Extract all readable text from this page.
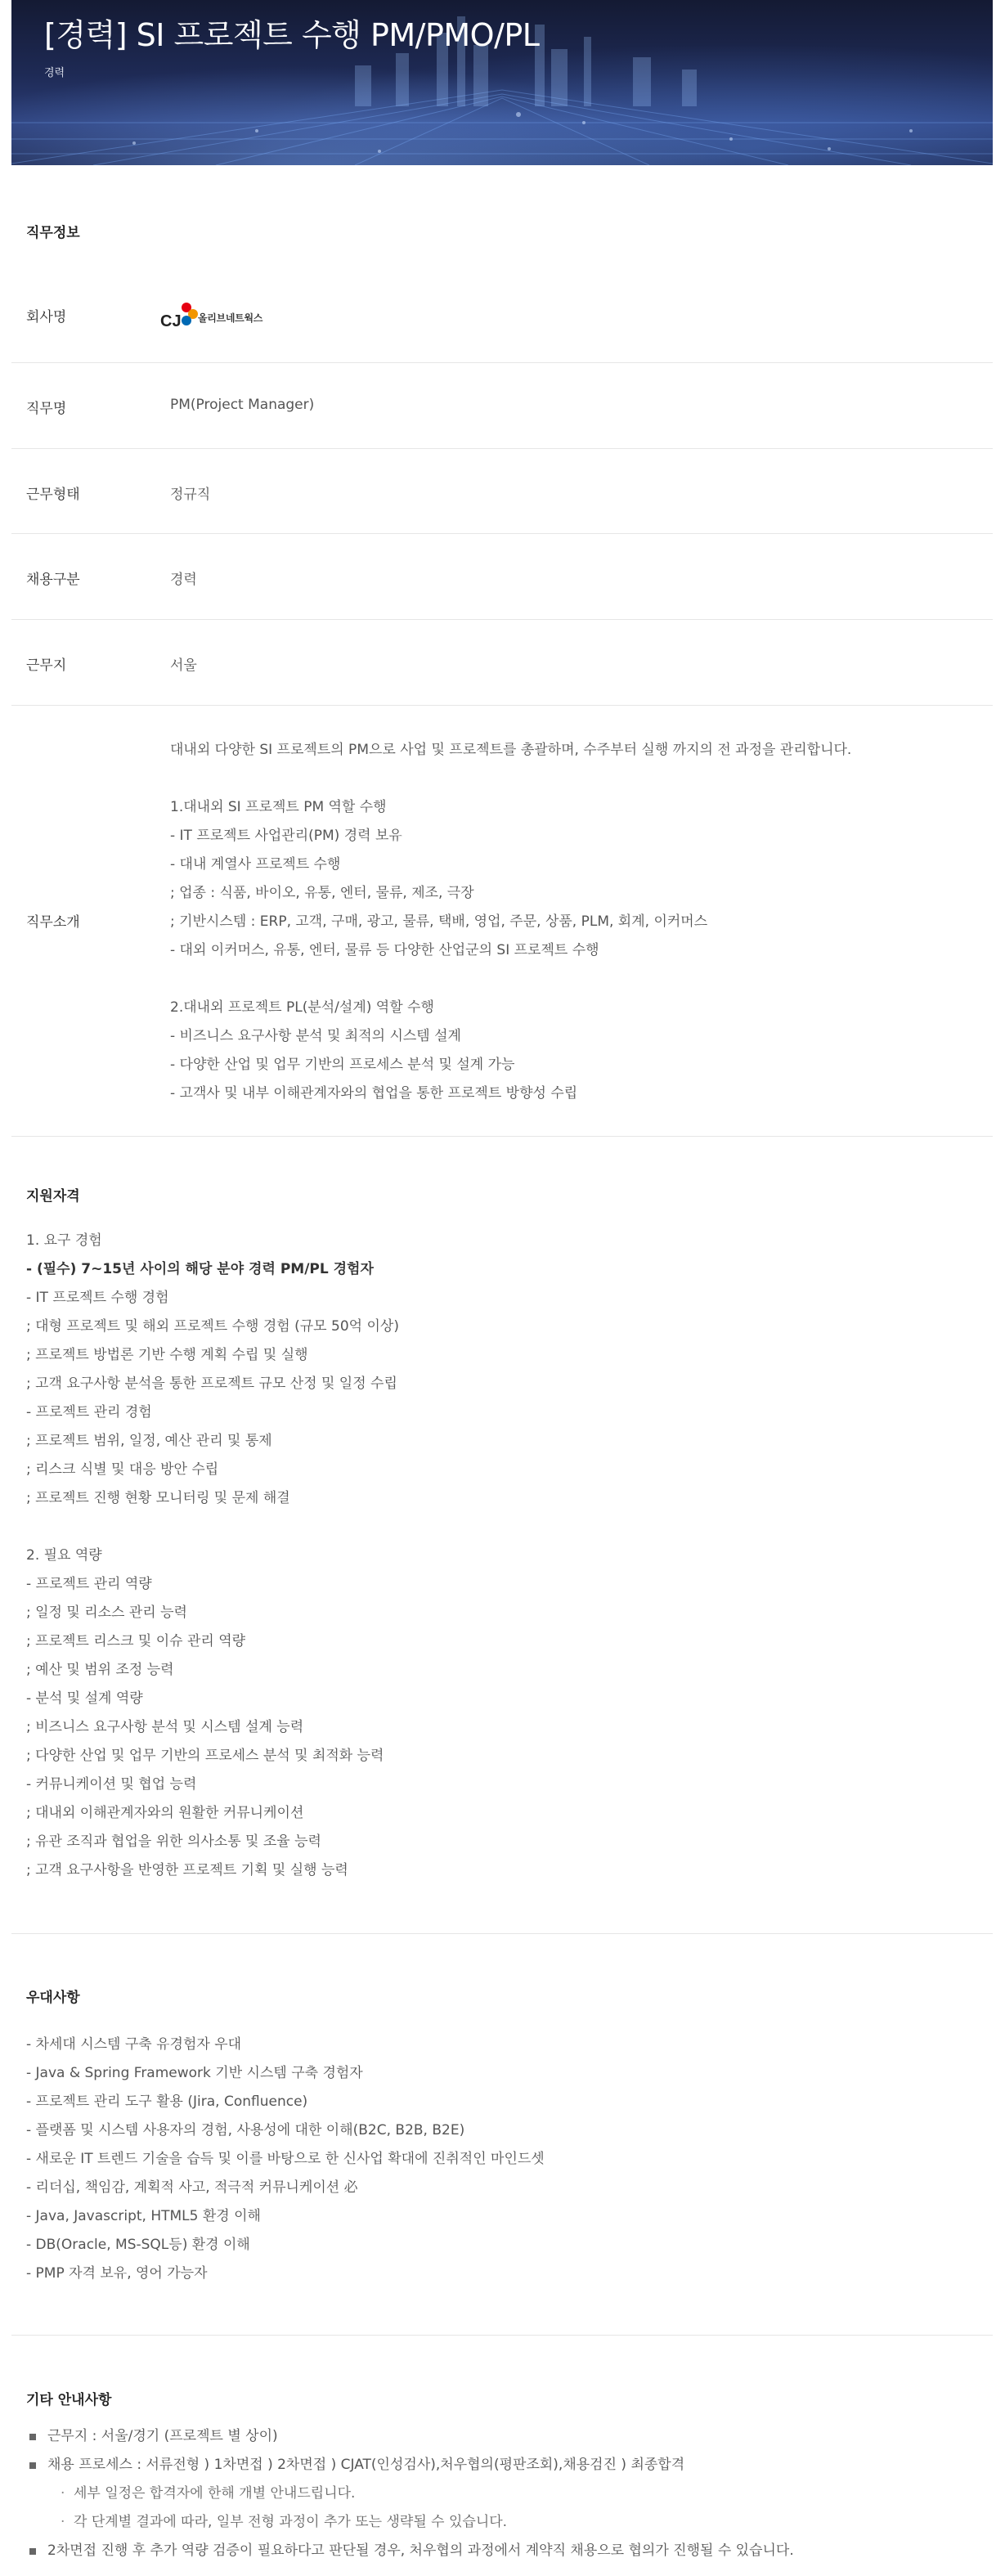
[경력] SI 프로젝트 수행 PM/PMO/PL
경력
직무정보
회사명	CJ 올리브네트웍스
직무명	PM(Project Manager)
근무형태	정규직
채용구분	경력
근무지	서울
직무소개
대내외 다양한 SI 프로젝트의 PM으로 사업 및 프로젝트를 총괄하며, 수주부터 실행 까지의 전 과정을 관리합니다.
1.대내외 SI 프로젝트 PM 역할 수행
- IT 프로젝트 사업관리(PM) 경력 보유
- 대내 계열사 프로젝트 수행
; 업종 : 식품, 바이오, 유통, 엔터, 물류, 제조, 극장
; 기반시스템 : ERP, 고객, 구매, 광고, 물류, 택배, 영업, 주문, 상품, PLM, 회계, 이커머스
- 대외 이커머스, 유통, 엔터, 물류 등 다양한 산업군의 SI 프로젝트 수행
2.대내외 프로젝트 PL(분석/설계) 역할 수행
- 비즈니스 요구사항 분석 및 최적의 시스템 설계
- 다양한 산업 및 업무 기반의 프로세스 분석 및 설계 가능
- 고객사 및 내부 이해관계자와의 협업을 통한 프로젝트 방향성 수립
지원자격
1. 요구 경험
- (필수) 7~15년 사이의 해당 분야 경력 PM/PL 경험자
- IT 프로젝트 수행 경험
; 대형 프로젝트 및 해외 프로젝트 수행 경험 (규모 50억 이상)
; 프로젝트 방법론 기반 수행 계획 수립 및 실행
; 고객 요구사항 분석을 통한 프로젝트 규모 산정 및 일정 수립
- 프로젝트 관리 경험
; 프로젝트 범위, 일정, 예산 관리 및 통제
; 리스크 식별 및 대응 방안 수립
; 프로젝트 진행 현황 모니터링 및 문제 해결
2. 필요 역량
- 프로젝트 관리 역량
; 일정 및 리소스 관리 능력
; 프로젝트 리스크 및 이슈 관리 역량
; 예산 및 범위 조정 능력
- 분석 및 설계 역량
; 비즈니스 요구사항 분석 및 시스템 설계 능력
; 다양한 산업 및 업무 기반의 프로세스 분석 및 최적화 능력
- 커뮤니케이션 및 협업 능력
; 대내외 이해관계자와의 원활한 커뮤니케이션
; 유관 조직과 협업을 위한 의사소통 및 조율 능력
; 고객 요구사항을 반영한 프로젝트 기획 및 실행 능력
우대사항
- 차세대 시스템 구축 유경험자 우대
- Java & Spring Framework 기반 시스템 구축 경험자
- 프로젝트 관리 도구 활용 (Jira, Confluence)
- 플랫폼 및 시스템 사용자의 경험, 사용성에 대한 이해(B2C, B2B, B2E)
- 새로운 IT 트렌드 기술을 습득 및 이를 바탕으로 한 신사업 확대에 진취적인 마인드셋
- 리더십, 책임감, 계획적 사고, 적극적 커뮤니케이션 必
- Java, Javascript, HTML5 환경 이해
- DB(Oracle, MS-SQL등) 환경 이해
- PMP 자격 보유, 영어 가능자
기타 안내사항
근무지 : 서울/경기 (프로젝트 별 상이)
채용 프로세스 : 서류전형 ) 1차면접 ) 2차면접 ) CJAT(인성검사),처우협의(평판조회),채용검진 ) 최종합격
· 세부 일정은 합격자에 한해 개별 안내드립니다.
· 각 단계별 결과에 따라, 일부 전형 과정이 추가 또는 생략될 수 있습니다.
2차면접 진행 후 추가 역량 검증이 필요하다고 판단될 경우, 처우협의 과정에서 계약직 채용으로 협의가 진행될 수 있습니다.
